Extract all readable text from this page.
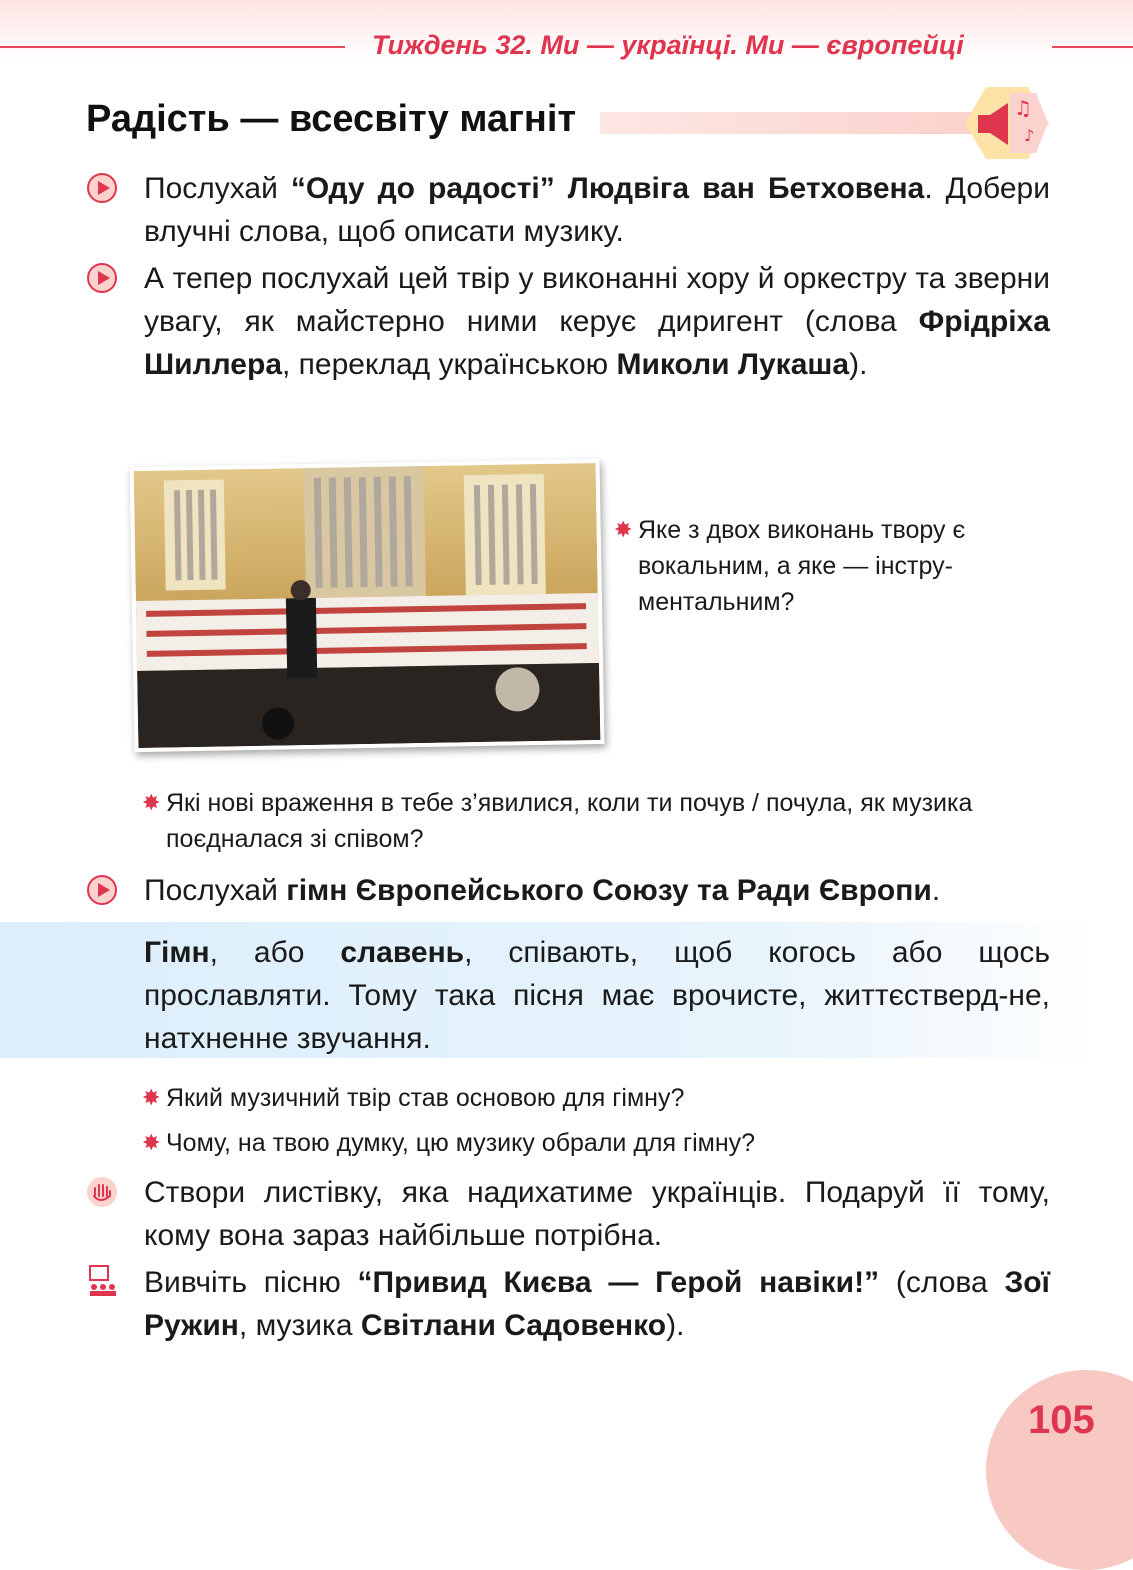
Тиждень 32. Ми — українці. Ми — європейці
Радість — всесвіту магніт	♫
♪
Послухай “Оду до радості” Людвіга ван Бетховена. Добери влучні слова, щоб описати музику.
А тепер послухай цей твір у виконанні хору й оркестру та зверни увагу, як майстерно ними керує диригент (слова Фрідріха Шиллера, переклад українською Миколи Лукаша).
✸ Яке з двох виконань твору є вокальним, а яке — інстру-ментальним?
✸ Які нові враження в тебе з’явилися, коли ти почув / почула, як музика поєдналася зі співом?
Послухай гімн Європейського Союзу та Ради Європи.
Гімн, або славень, співають, щоб когось або щось прославляти. Тому така пісня має врочисте, життєстверд-не, натхненне звучання.
✸ Який музичний твір став основою для гімну?
✸ Чому, на твою думку, цю музику обрали для гімну?
Створи листівку, яка надихатиме українців. Подаруй її тому, кому вона зараз найбільше потрібна.
Вивчіть пісню “Привид Києва — Герой навіки!” (слова Зої Ружин, музика Світлани Садовенко).
105
